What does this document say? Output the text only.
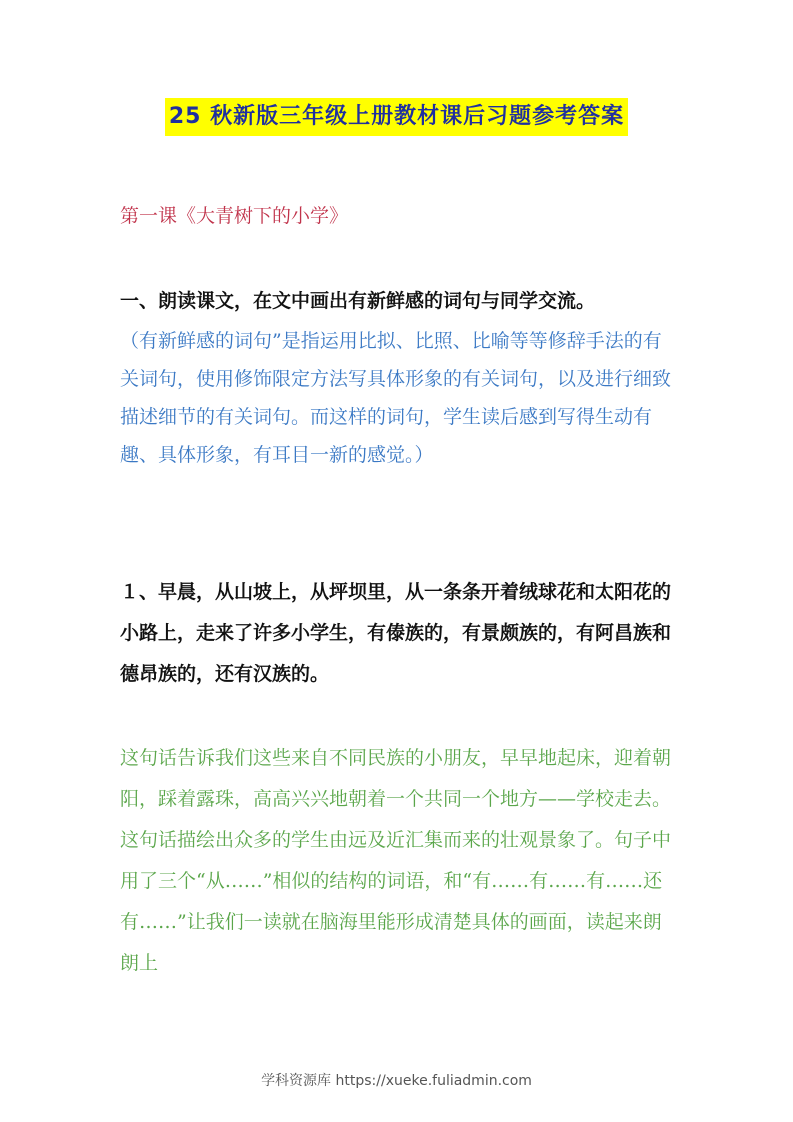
25 秋新版三年级上册教材课后习题参考答案
第一课《大青树下的小学》

一、朗读课文，在文中画出有新鲜感的词句与同学交流。

（有新鲜感的词句”是指运用比拟、比照、比喻等等修辞手法的有关词句，使用修饰限定方法写具体形象的有关词句，以及进行细致描述细节的有关词句。而这样的词句，学生读后感到写得生动有趣、具体形象，有耳目一新的感觉。）

１、早晨，从山坡上，从坪坝里，从一条条开着绒球花和太阳花的小路上，走来了许多小学生，有傣族的，有景颇族的，有阿昌族和德昂族的，还有汉族的。

这句话告诉我们这些来自不同民族的小朋友，早早地起床，迎着朝阳，踩着露珠，高高兴兴地朝着一个共同一个地方——学校走去。这句话描绘出众多的学生由远及近汇集而来的壮观景象了。句子中用了三个“从……”相似的结构的词语，和“有……有……有……还有……”让我们一读就在脑海里能形成清楚具体的画面，读起来朗朗上

学科资源库 https://xueke.fuliadmin.com
